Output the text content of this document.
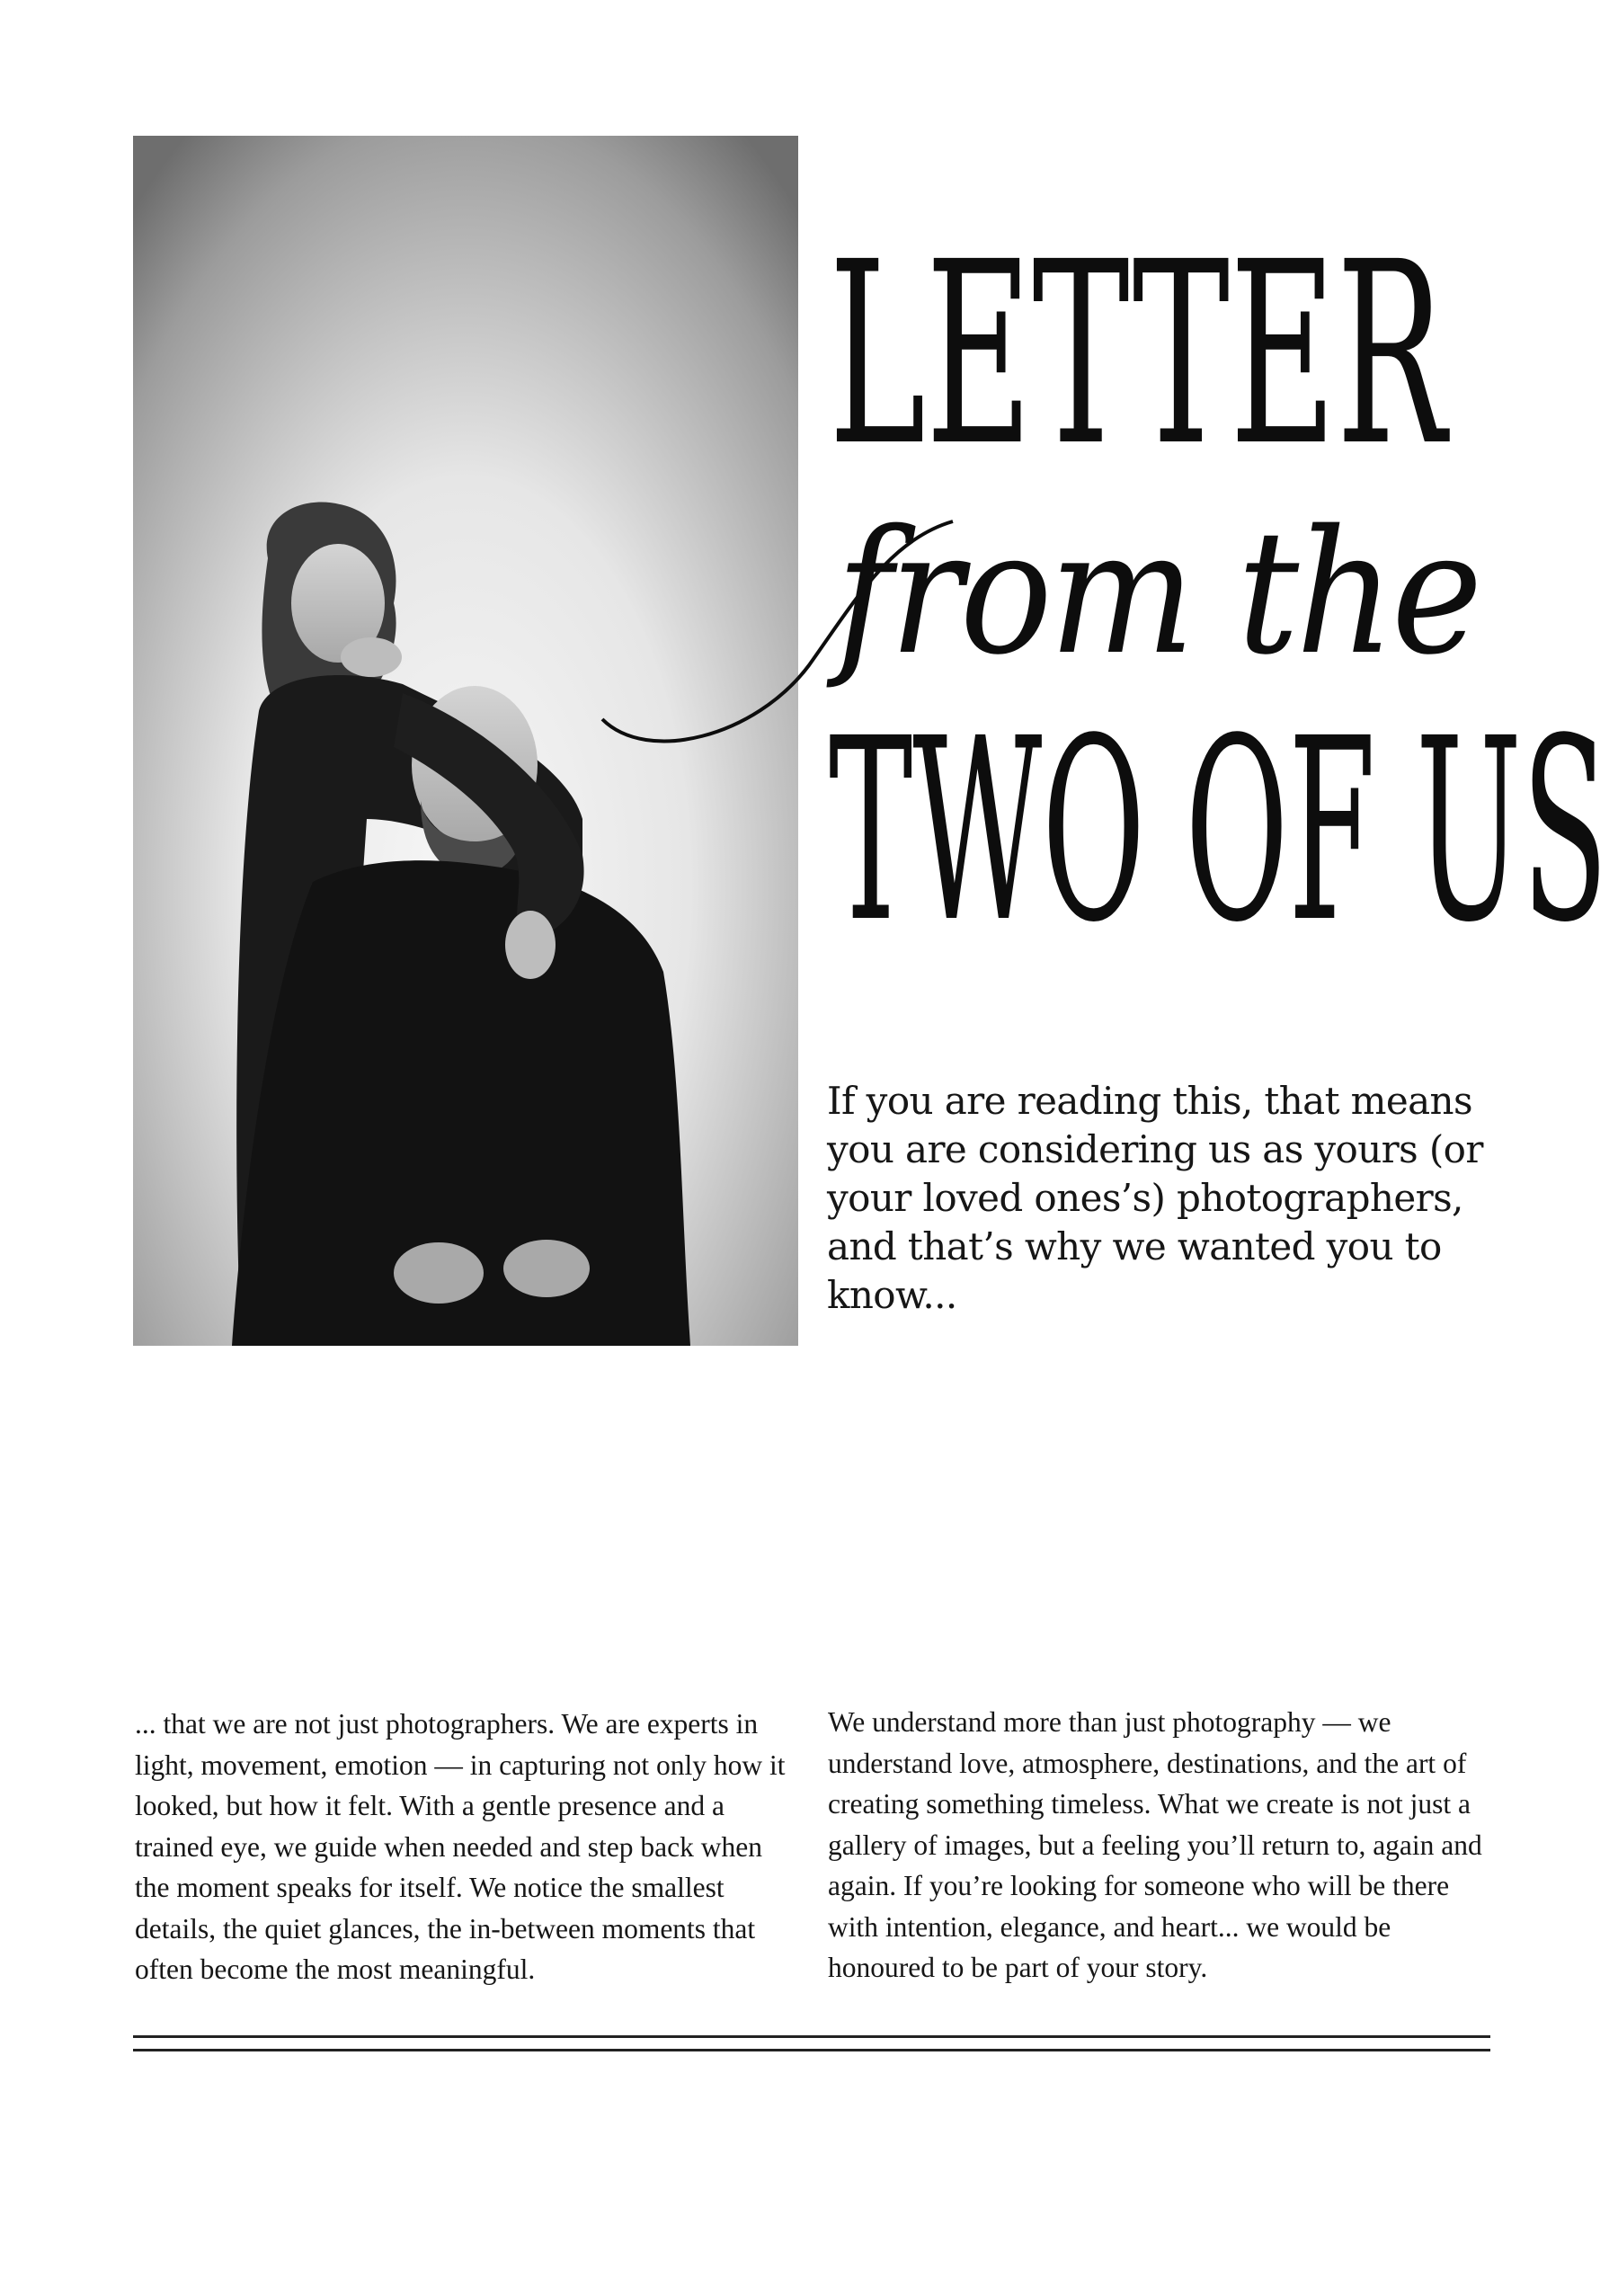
LETTER
from the
TWO OF US

If you are reading this, that means you are considering us as yours (or your loved ones’s) photographers, and that’s why we wanted you to know...

... that we are not just photographers. We are experts in light, movement, emotion — in capturing not only how it looked, but how it felt. With a gentle presence and a trained eye, we guide when needed and step back when the moment speaks for itself. We notice the smallest details, the quiet glances, the in-between moments that often become the most meaningful.

We understand more than just photography — we understand love, atmosphere, destinations, and the art of creating something timeless. What we create is not just a gallery of images, but a feeling you’ll return to, again and again. If you’re looking for someone who will be there with intention, elegance, and heart... we would be honoured to be part of your story.
